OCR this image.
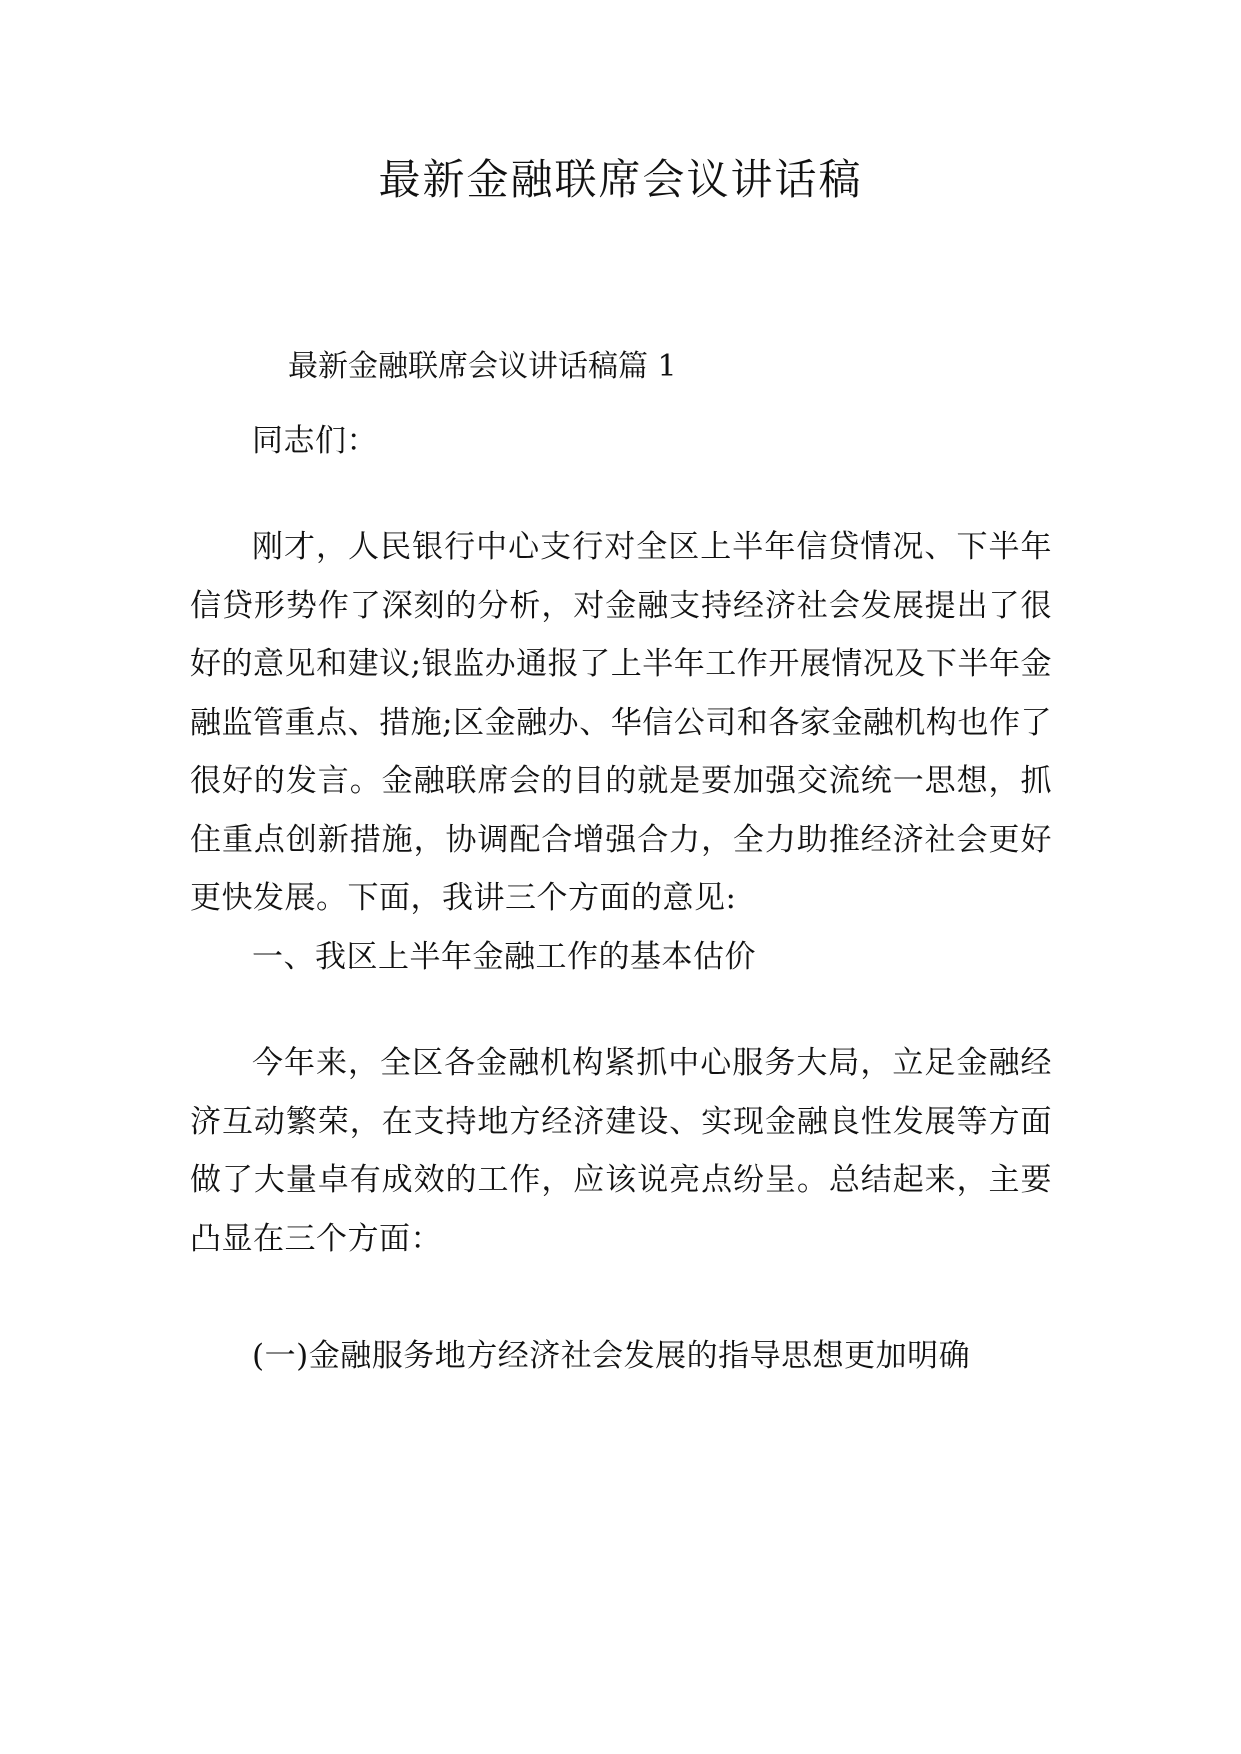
最新金融联席会议讲话稿

最新金融联席会议讲话稿篇 1

同志们：

刚才，人民银行中心支行对全区上半年信贷情况、下半年信贷形势作了深刻的分析，对金融支持经济社会发展提出了很好的意见和建议;银监办通报了上半年工作开展情况及下半年金融监管重点、措施;区金融办、华信公司和各家金融机构也作了很好的发言。金融联席会的目的就是要加强交流统一思想，抓住重点创新措施，协调配合增强合力，全力助推经济社会更好更快发展。下面，我讲三个方面的意见:

一、我区上半年金融工作的基本估价

今年来，全区各金融机构紧抓中心服务大局，立足金融经济互动繁荣，在支持地方经济建设、实现金融良性发展等方面做了大量卓有成效的工作，应该说亮点纷呈。总结起来，主要凸显在三个方面：

(一)金融服务地方经济社会发展的指导思想更加明确
